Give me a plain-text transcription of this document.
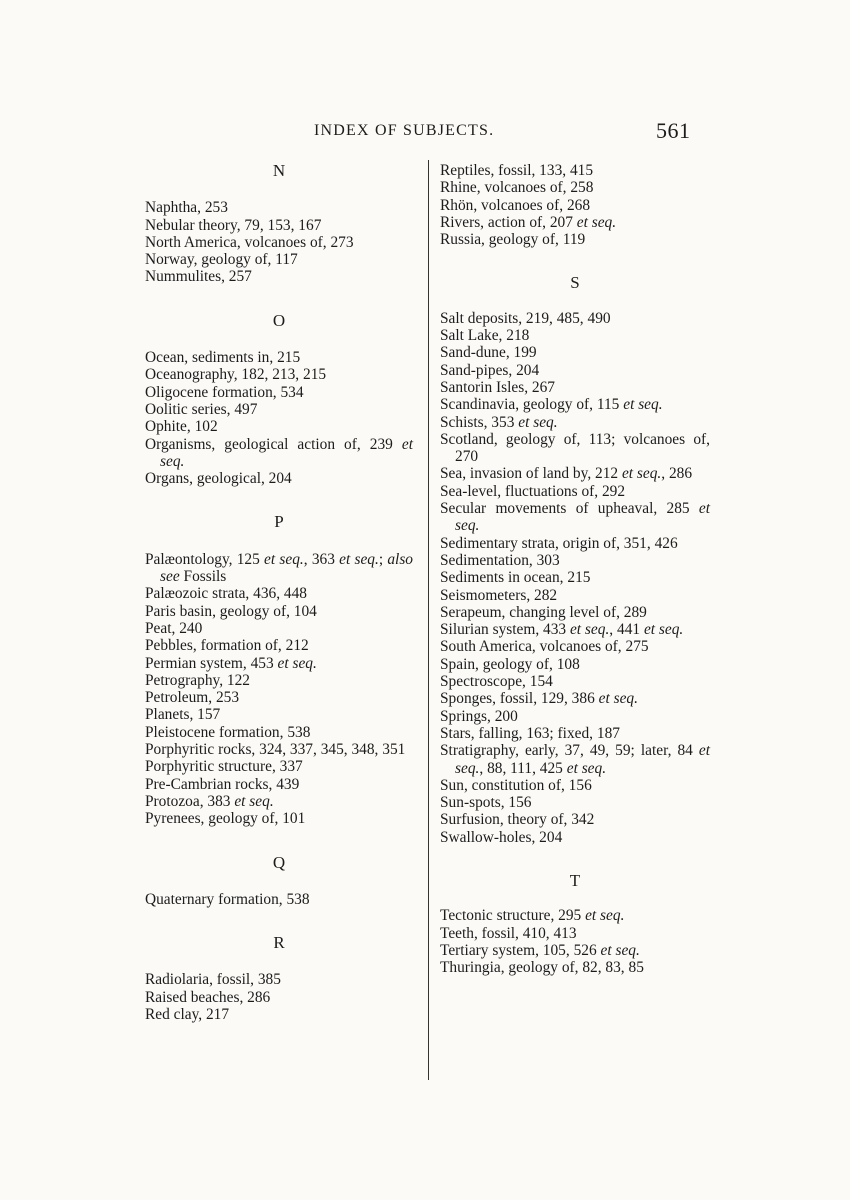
INDEX OF SUBJECTS.	561

N

Naphtha, 253

Nebular theory, 79, 153, 167

North America, volcanoes of, 273

Norway, geology of, 117

Nummulites, 257

O

Ocean, sediments in, 215

Oceanography, 182, 213, 215

Oligocene formation, 534

Oolitic series, 497

Ophite, 102

Organisms, geological action of, 239 et seq.

Organs, geological, 204

P

Palæontology, 125 et seq., 363 et seq.; also see Fossils

Palæozoic strata, 436, 448

Paris basin, geology of, 104

Peat, 240

Pebbles, formation of, 212

Permian system, 453 et seq.

Petrography, 122

Petroleum, 253

Planets, 157

Pleistocene formation, 538

Porphyritic rocks, 324, 337, 345, 348, 351

Porphyritic structure, 337

Pre-Cambrian rocks, 439

Protozoa, 383 et seq.

Pyrenees, geology of, 101

Q

Quaternary formation, 538

R

Radiolaria, fossil, 385

Raised beaches, 286

Red clay, 217

Reptiles, fossil, 133, 415

Rhine, volcanoes of, 258

Rhön, volcanoes of, 268

Rivers, action of, 207 et seq.

Russia, geology of, 119

S

Salt deposits, 219, 485, 490

Salt Lake, 218

Sand-dune, 199

Sand-pipes, 204

Santorin Isles, 267

Scandinavia, geology of, 115 et seq.

Schists, 353 et seq.

Scotland, geology of, 113; volcanoes of, 270

Sea, invasion of land by, 212 et seq., 286

Sea-level, fluctuations of, 292

Secular movements of upheaval, 285 et seq.

Sedimentary strata, origin of, 351, 426

Sedimentation, 303

Sediments in ocean, 215

Seismometers, 282

Serapeum, changing level of, 289

Silurian system, 433 et seq., 441 et seq.

South America, volcanoes of, 275

Spain, geology of, 108

Spectroscope, 154

Sponges, fossil, 129, 386 et seq.

Springs, 200

Stars, falling, 163; fixed, 187

Stratigraphy, early, 37, 49, 59; later, 84 et seq., 88, 111, 425 et seq.

Sun, constitution of, 156

Sun-spots, 156

Surfusion, theory of, 342

Swallow-holes, 204

T

Tectonic structure, 295 et seq.

Teeth, fossil, 410, 413

Tertiary system, 105, 526 et seq.

Thuringia, geology of, 82, 83, 85
